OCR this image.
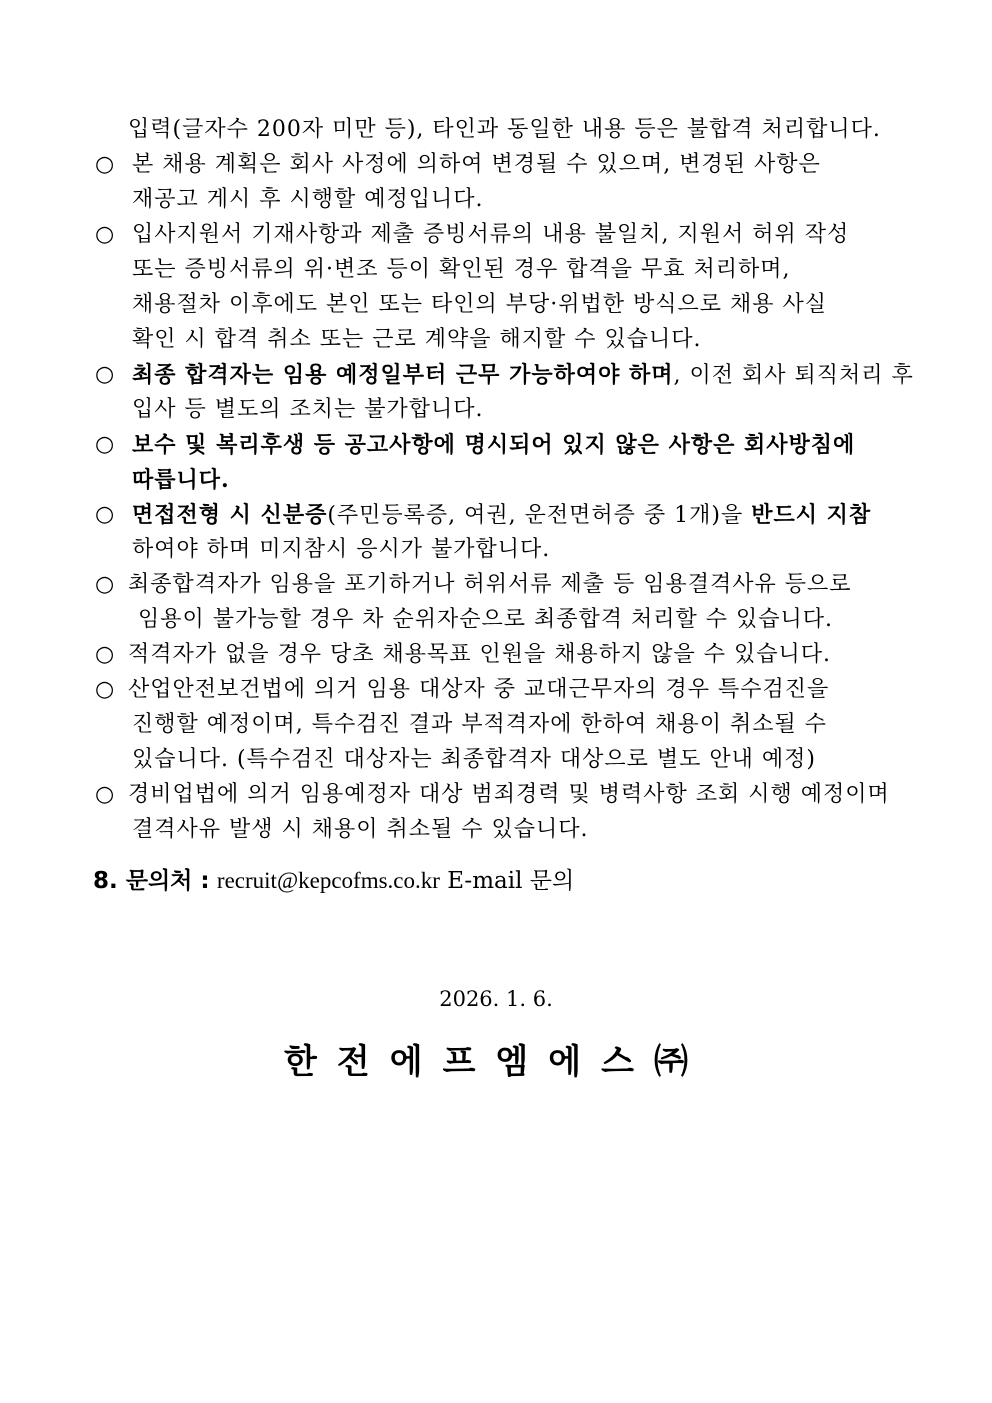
입력(글자수 200자 미만 등), 타인과 동일한 내용 등은 불합격 처리합니다.
○ 본 채용 계획은 회사 사정에 의하여 변경될 수 있으며, 변경된 사항은
재공고 게시 후 시행할 예정입니다.
○ 입사지원서 기재사항과 제출 증빙서류의 내용 불일치, 지원서 허위 작성
또는 증빙서류의 위·변조 등이 확인된 경우 합격을 무효 처리하며,
채용절차 이후에도 본인 또는 타인의 부당·위법한 방식으로 채용 사실
확인 시 합격 취소 또는 근로 계약을 해지할 수 있습니다.
○ 최종 합격자는 임용 예정일부터 근무 가능하여야 하며, 이전 회사 퇴직처리 후
입사 등 별도의 조치는 불가합니다.
○ 보수 및 복리후생 등 공고사항에 명시되어 있지 않은 사항은 회사방침에
따릅니다.
○ 면접전형 시 신분증(주민등록증, 여권, 운전면허증 중 1개)을 반드시 지참
하여야 하며 미지참시 응시가 불가합니다.
○ 최종합격자가 임용을 포기하거나 허위서류 제출 등 임용결격사유 등으로
임용이 불가능할 경우 차 순위자순으로 최종합격 처리할 수 있습니다.
○ 적격자가 없을 경우 당초 채용목표 인원을 채용하지 않을 수 있습니다.
○ 산업안전보건법에 의거 임용 대상자 중 교대근무자의 경우 특수검진을
진행할 예정이며, 특수검진 결과 부적격자에 한하여 채용이 취소될 수
있습니다. (특수검진 대상자는 최종합격자 대상으로 별도 안내 예정)
○ 경비업법에 의거 임용예정자 대상 범죄경력 및 병력사항 조회 시행 예정이며
결격사유 발생 시 채용이 취소될 수 있습니다.
8. 문의처 : recruit@kepcofms.co.kr E-mail 문의
2026. 1. 6.
한전에프엠에스㈜
